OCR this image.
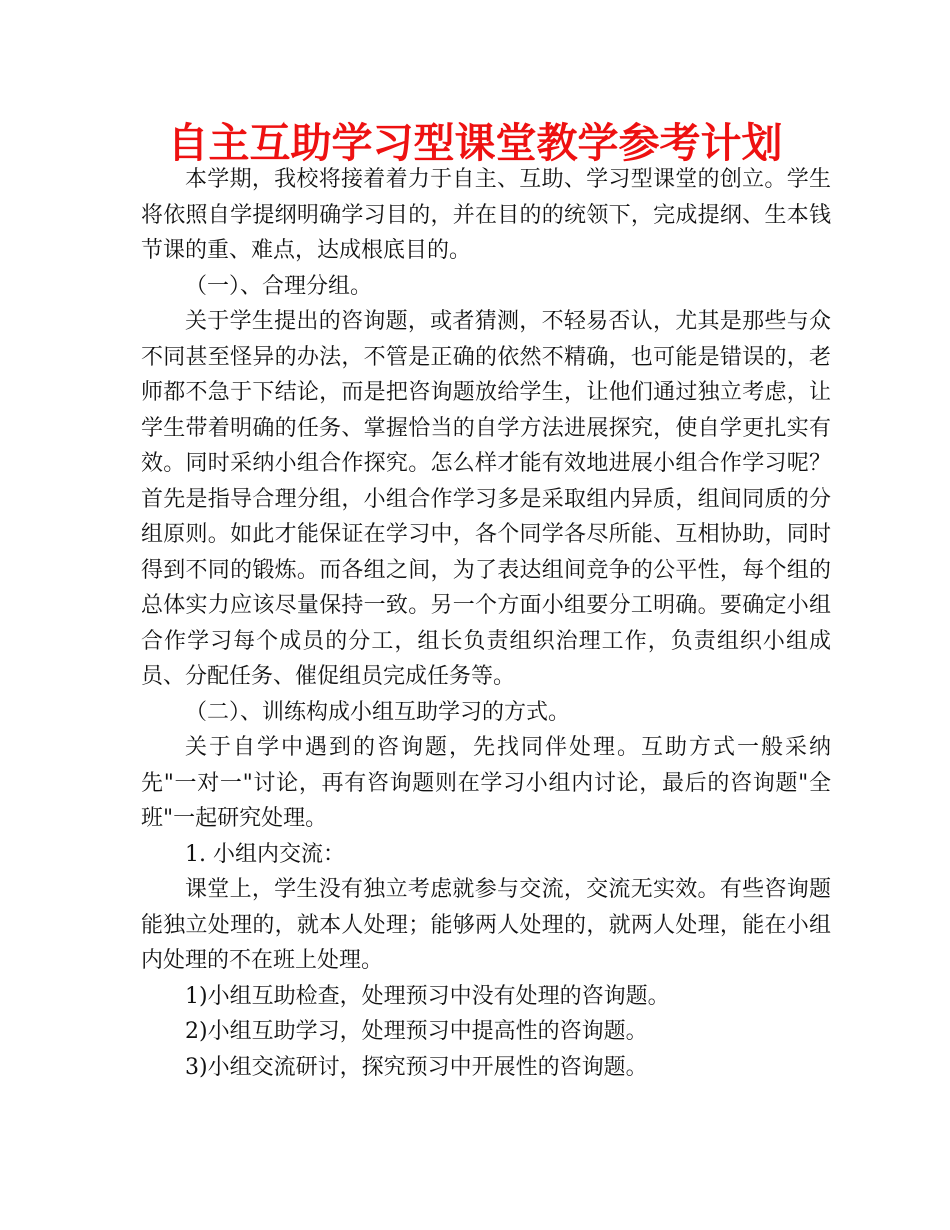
自主互助学习型课堂教学参考计划

本学期，我校将接着着力于自主、互助、学习型课堂的创立。学生将依照自学提纲明确学习目的，并在目的的统领下，完成提纲、生本钱节课的重、难点，达成根底目的。

（一）、合理分组。

关于学生提出的咨询题，或者猜测，不轻易否认，尤其是那些与众不同甚至怪异的办法，不管是正确的依然不精确，也可能是错误的，老师都不急于下结论，而是把咨询题放给学生，让他们通过独立考虑，让学生带着明确的任务、掌握恰当的自学方法进展探究，使自学更扎实有效。同时采纳小组合作探究。怎么样才能有效地进展小组合作学习呢？首先是指导合理分组，小组合作学习多是采取组内异质，组间同质的分组原则。如此才能保证在学习中，各个同学各尽所能、互相协助，同时得到不同的锻炼。而各组之间，为了表达组间竞争的公平性，每个组的总体实力应该尽量保持一致。另一个方面小组要分工明确。要确定小组合作学习每个成员的分工，组长负责组织治理工作，负责组织小组成员、分配任务、催促组员完成任务等。

（二）、训练构成小组互助学习的方式。

关于自学中遇到的咨询题，先找同伴处理。互助方式一般采纳先"一对一"讨论，再有咨询题则在学习小组内讨论，最后的咨询题"全班"一起研究处理。

1. 小组内交流：

课堂上，学生没有独立考虑就参与交流，交流无实效。有些咨询题能独立处理的，就本人处理；能够两人处理的，就两人处理，能在小组内处理的不在班上处理。

1)小组互助检查，处理预习中没有处理的咨询题。

2)小组互助学习，处理预习中提高性的咨询题。

3)小组交流研讨，探究预习中开展性的咨询题。
